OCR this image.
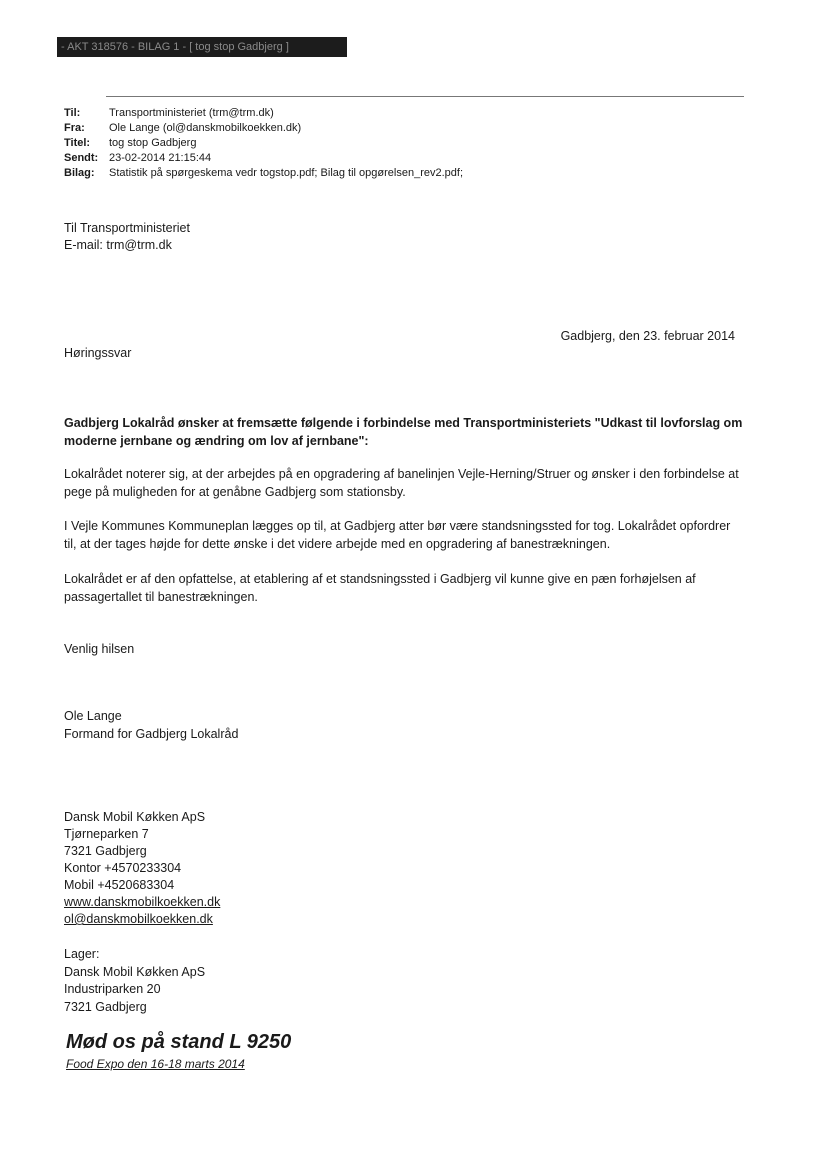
- AKT 318576 - BILAG 1 - [ tog stop Gadbjerg ]
Til:	Transportministeriet (trm@trm.dk)
Fra:	Ole Lange (ol@danskmobilkoekken.dk)
Titel:	tog stop Gadbjerg
Sendt: 23-02-2014 21:15:44
Bilag:	Statistik på spørgeskema vedr togstop.pdf; Bilag til opgørelsen_rev2.pdf;
Til Transportministeriet
E-mail: trm@trm.dk
Gadbjerg, den 23. februar 2014
Høringssvar

Gadbjerg Lokalråd ønsker at fremsætte følgende i forbindelse med Transportministeriets "Udkast til lovforslag om moderne jernbane og ændring om lov af jernbane":

Lokalrådet noterer sig, at der arbejdes på en opgradering af banelinjen Vejle-Herning/Struer og ønsker i den forbindelse at pege på muligheden for at genåbne Gadbjerg som stationsby.

I Vejle Kommunes Kommuneplan lægges op til, at Gadbjerg atter bør være standsningssted for tog. Lokalrådet opfordrer til, at der tages højde for dette ønske i det videre arbejde med en opgradering af banestrækningen.

Lokalrådet er af den opfattelse, at etablering af et standsningssted i Gadbjerg vil kunne give en pæn forhøjelsen af passagertallet til banestrækningen.

Venlig hilsen

Ole Lange
Formand for Gadbjerg Lokalråd
Dansk Mobil Køkken ApS
Tjørneparken 7
7321 Gadbjerg
Kontor +4570233304
Mobil +4520683304
www.danskmobilkoekken.dk
ol@danskmobilkoekken.dk
Lager:
Dansk Mobil Køkken ApS
Industriparken 20
7321 Gadbjerg
Mød os på stand L 9250
Food Expo den 16-18 marts 2014
